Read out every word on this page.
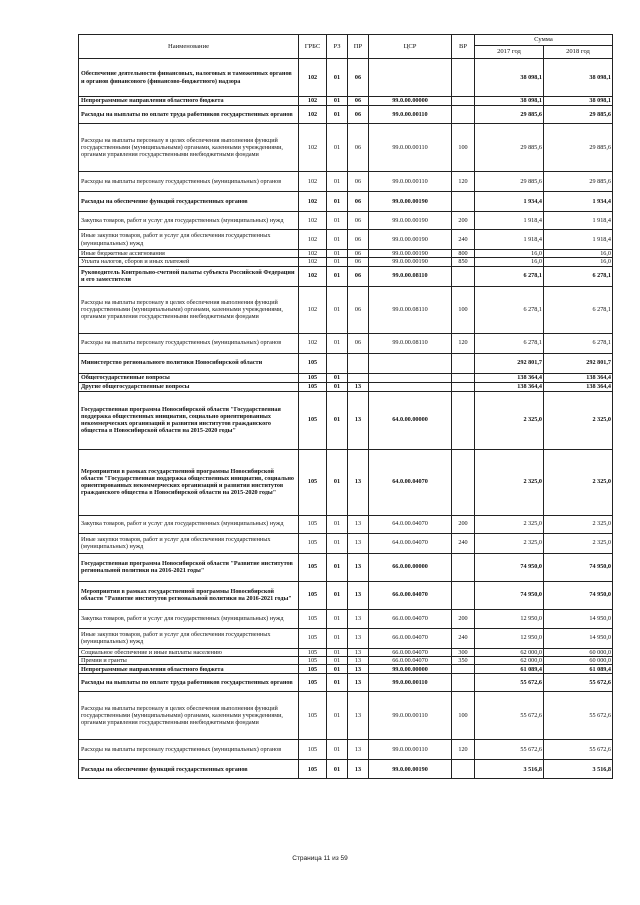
Наименование	ГРБС	РЗ	ПР	ЦСР	ВР	Сумма	
						2017 год	2018 год
Обеспечение деятельности финансовых, налоговых и таможенных органов и органов финансового (финансово-бюджетного) надзора	102	01	06			38 098,1	38 098,1
Непрограммные направления областного бюджета	102	01	06	99.0.00.00000		38 098,1	38 098,1
Расходы на выплаты по оплате труда работников государственных органов	102	01	06	99.0.00.00110		29 885,6	29 885,6
Расходы на выплаты персоналу в целях обеспечения выполнения функций государственными (муниципальными) органами, казенными учреждениями, органами управления государственными внебюджетными фондами	102	01	06	99.0.00.00110	100	29 885,6	29 885,6
Расходы на выплаты персоналу государственных (муниципальных) органов	102	01	06	99.0.00.00110	120	29 885,6	29 885,6
Расходы на обеспечение функций государственных органов	102	01	06	99.0.00.00190		1 934,4	1 934,4
Закупка товаров, работ и услуг для государственных (муниципальных) нужд	102	01	06	99.0.00.00190	200	1 918,4	1 918,4
Иные закупки товаров, работ и услуг для обеспечения государственных (муниципальных) нужд	102	01	06	99.0.00.00190	240	1 918,4	1 918,4
Иные бюджетные ассигнования	102	01	06	99.0.00.00190	800	16,0	16,0
Уплата налогов, сборов и иных платежей	102	01	06	99.0.00.00190	850	16,0	16,0
Руководитель Контрольно-счетной палаты субъекта Российской Федерации и его заместители	102	01	06	99.0.00.08110		6 278,1	6 278,1
Расходы на выплаты персоналу в целях обеспечения выполнения функций государственными (муниципальными) органами, казенными учреждениями, органами управления государственными внебюджетными фондами	102	01	06	99.0.00.08110	100	6 278,1	6 278,1
Расходы на выплаты персоналу государственных (муниципальных) органов	102	01	06	99.0.00.08110	120	6 278,1	6 278,1
Министерство регионального политики Новосибирской области	105					292 801,7	292 801,7
Общегосударственные вопросы	105	01				138 364,4	138 364,4
Другие общегосударственные вопросы	105	01	13			138 364,4	138 364,4
Государственная программа Новосибирской области "Государственная поддержка общественных инициатив, социально ориентированных некоммерческих организаций и развития институтов гражданского общества в Новосибирской области на 2015-2020 годы"	105	01	13	64.0.00.00000		2 325,0	2 325,0
Мероприятия в рамках государственной программы Новосибирской области "Государственная поддержка общественных инициатив, социально ориентированных некоммерческих организаций и развития институтов гражданского общества в Новосибирской области на 2015-2020 годы"	105	01	13	64.0.00.04070		2 325,0	2 325,0
Закупка товаров, работ и услуг для государственных (муниципальных) нужд	105	01	13	64.0.00.04070	200	2 325,0	2 325,0
Иные закупки товаров, работ и услуг для обеспечения государственных (муниципальных) нужд	105	01	13	64.0.00.04070	240	2 325,0	2 325,0
Государственная программа Новосибирской области "Развитие институтов региональной политики на 2016-2021 годы"	105	01	13	66.0.00.00000		74 950,0	74 950,0
Мероприятия в рамках государственной программы Новосибирской области "Развитие институтов региональной политики на 2016-2021 годы"	105	01	13	66.0.00.04070		74 950,0	74 950,0
Закупка товаров, работ и услуг для государственных (муниципальных) нужд	105	01	13	66.0.00.04070	200	12 950,0	14 950,0
Иные закупки товаров, работ и услуг для обеспечения государственных (муниципальных) нужд	105	01	13	66.0.00.04070	240	12 950,0	14 950,0
Социальное обеспечение и иные выплаты населению	105	01	13	66.0.00.04070	300	62 000,0	60 000,0
Премии и гранты	105	01	13	66.0.00.04070	350	62 000,0	60 000,0
Непрограммные направления областного бюджета	105	01	13	99.0.00.00000		61 089,4	61 089,4
Расходы на выплаты по оплате труда работников государственных органов	105	01	13	99.0.00.00110		55 672,6	55 672,6
Расходы на выплаты персоналу в целях обеспечения выполнения функций государственными (муниципальными) органами, казенными учреждениями, органами управления государственными внебюджетными фондами	105	01	13	99.0.00.00110	100	55 672,6	55 672,6
Расходы на выплаты персоналу государственных (муниципальных) органов	105	01	13	99.0.00.00110	120	55 672,6	55 672,6
Расходы на обеспечение функций государственных органов	105	01	13	99.0.00.00190		3 516,8	3 516,8
Страница 11 из 59
